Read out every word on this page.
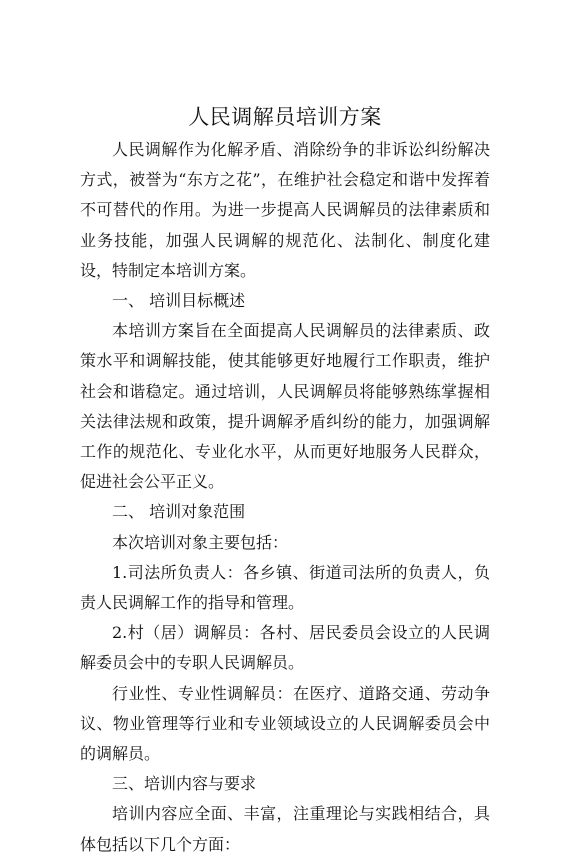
人民调解员培训方案

人民调解作为化解矛盾、消除纷争的非诉讼纠纷解决方式，被誉为“东方之花”，在维护社会稳定和谐中发挥着不可替代的作用。为进一步提高人民调解员的法律素质和业务技能，加强人民调解的规范化、法制化、制度化建设，特制定本培训方案。

一、 培训目标概述

本培训方案旨在全面提高人民调解员的法律素质、政策水平和调解技能，使其能够更好地履行工作职责，维护社会和谐稳定。通过培训，人民调解员将能够熟练掌握相关法律法规和政策，提升调解矛盾纠纷的能力，加强调解工作的规范化、专业化水平，从而更好地服务人民群众，促进社会公平正义。

二、 培训对象范围

本次培训对象主要包括：

1.司法所负责人：各乡镇、街道司法所的负责人，负责人民调解工作的指导和管理。

2.村（居）调解员：各村、居民委员会设立的人民调解委员会中的专职人民调解员。

行业性、专业性调解员：在医疗、道路交通、劳动争议、物业管理等行业和专业领域设立的人民调解委员会中的调解员。

三、培训内容与要求

培训内容应全面、丰富，注重理论与实践相结合，具体包括以下几个方面：
